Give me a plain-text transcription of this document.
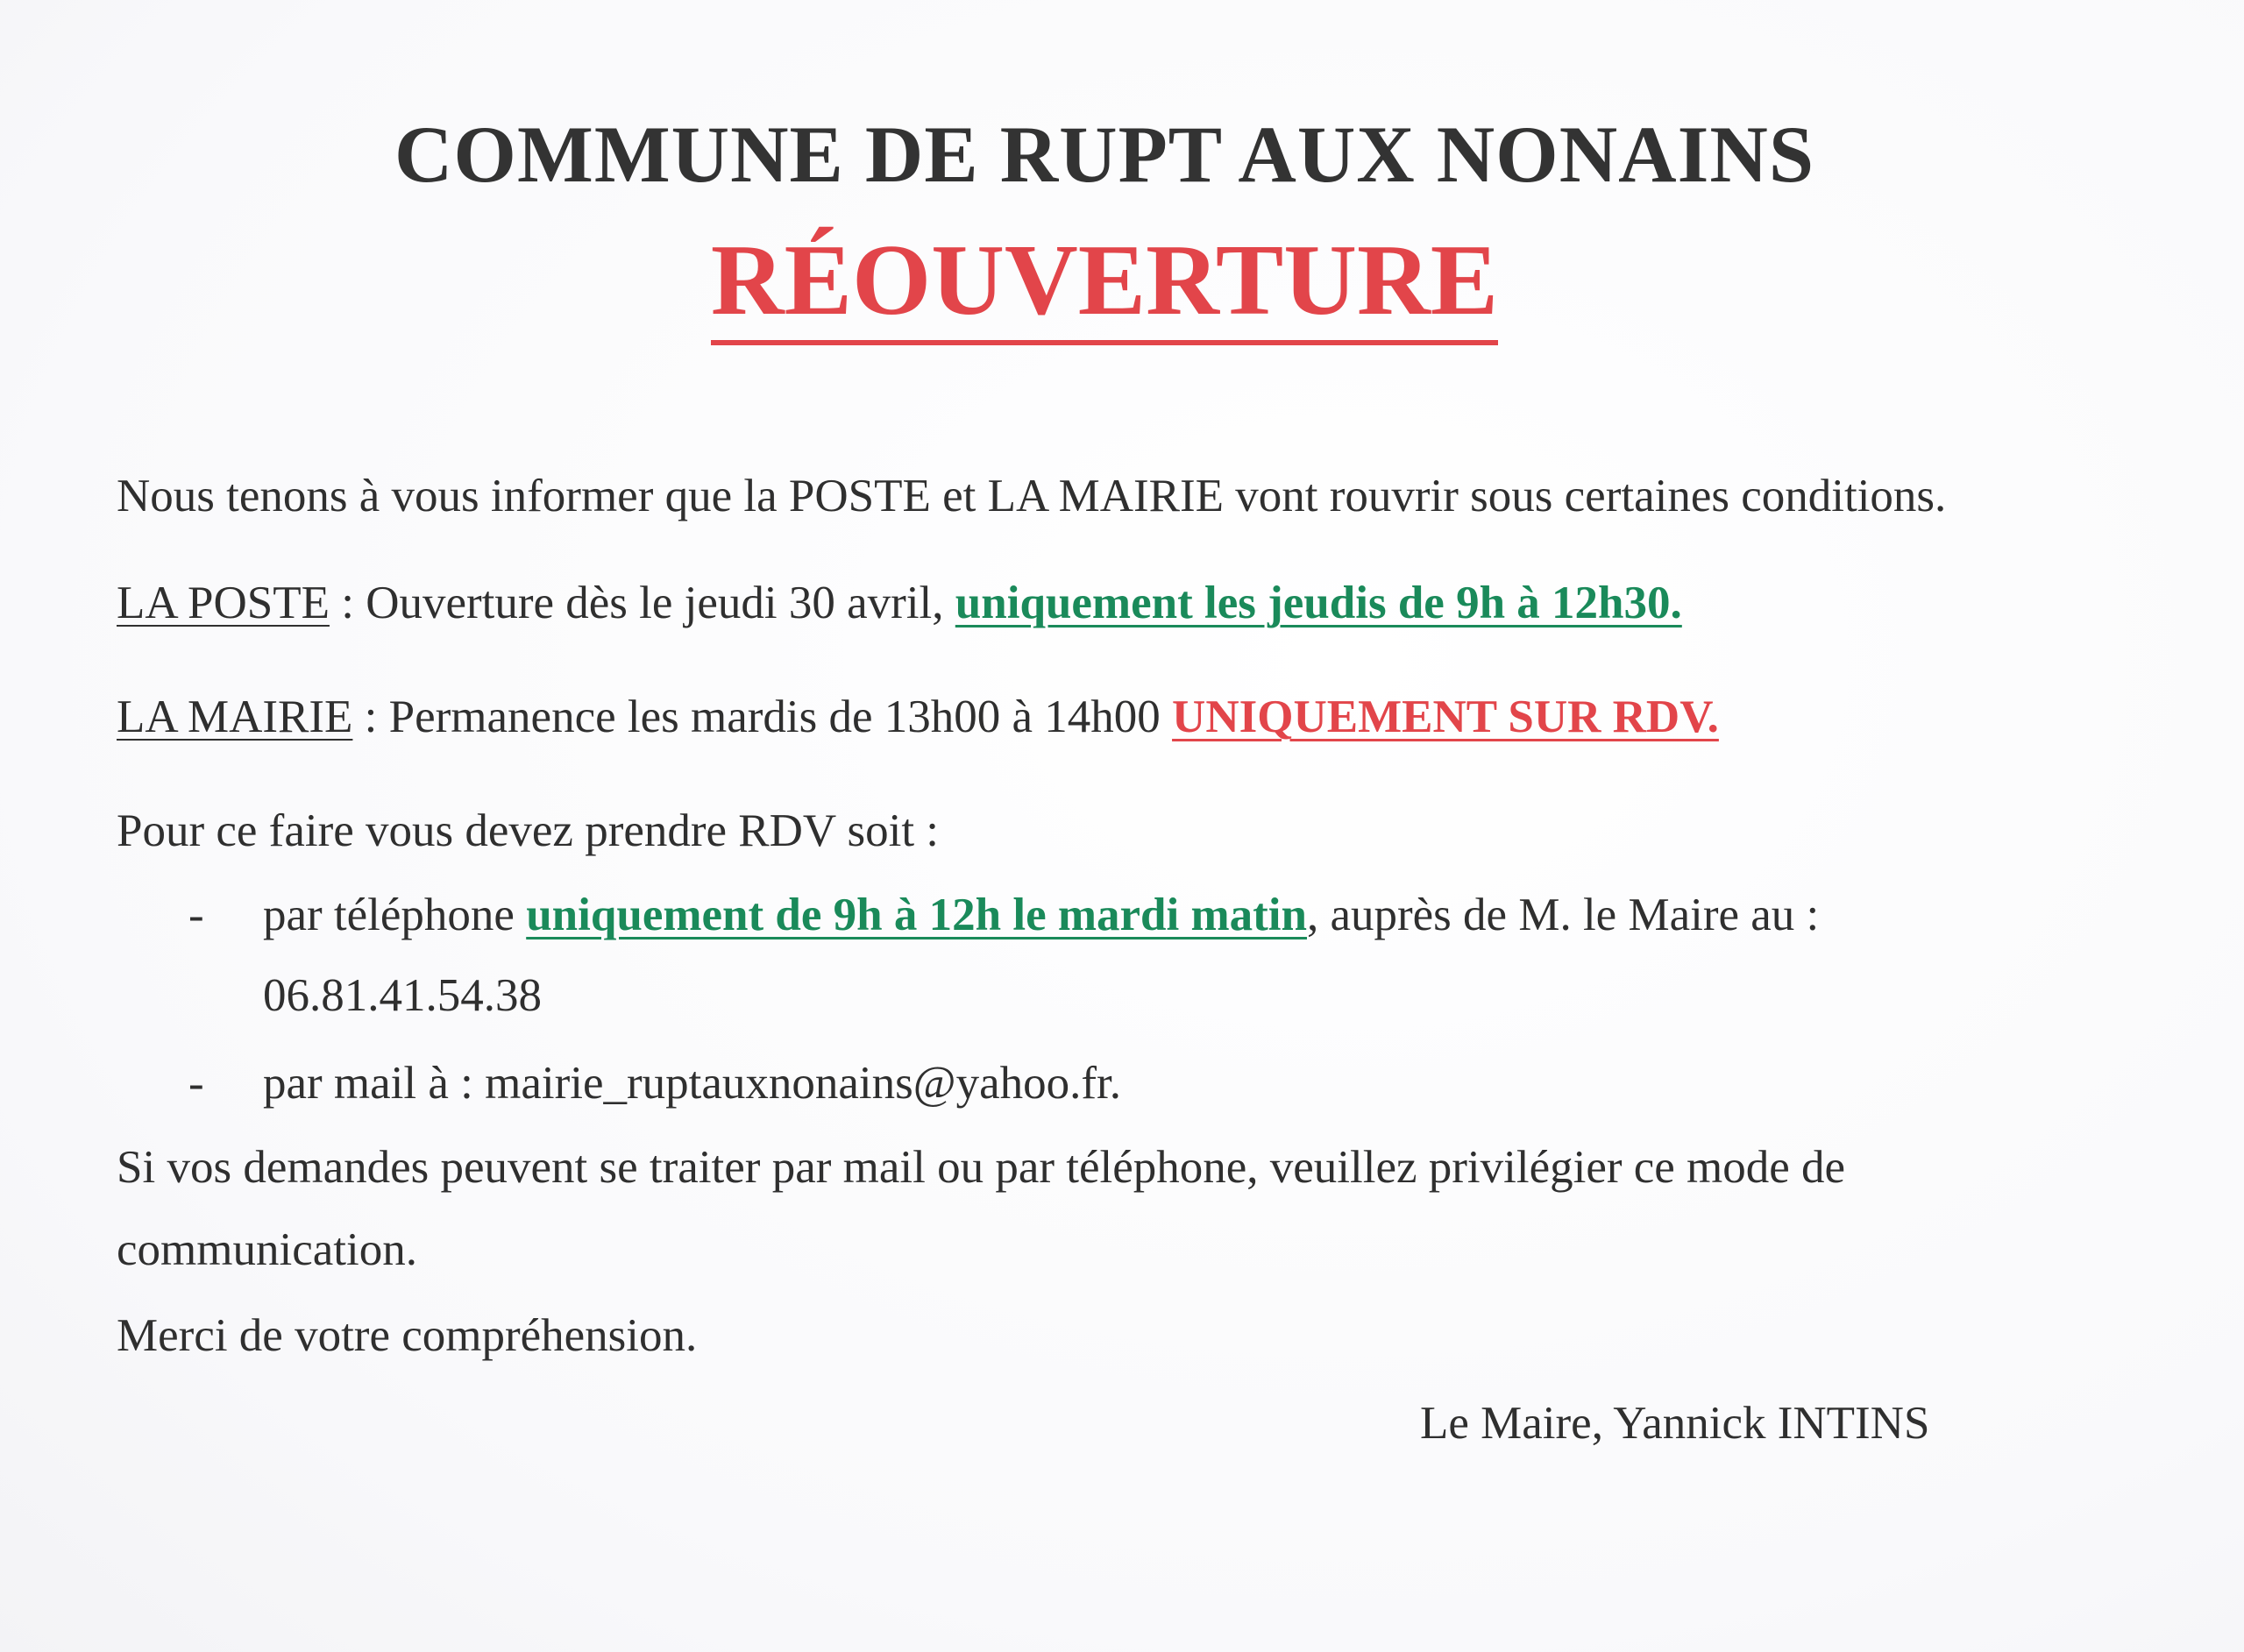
COMMUNE DE RUPT AUX NONAINS
RÉOUVERTURE
Nous tenons à vous informer que la POSTE et LA MAIRIE vont rouvrir sous certaines conditions.
LA POSTE : Ouverture dès le jeudi 30 avril, uniquement les jeudis de 9h à 12h30.
LA MAIRIE : Permanence les mardis de 13h00 à 14h00 UNIQUEMENT SUR RDV.
Pour ce faire vous devez prendre RDV soit :
- par téléphone uniquement de 9h à 12h le mardi matin, auprès de M. le Maire au :
06.81.41.54.38
- par mail à : mairie_ruptauxnonains@yahoo.fr.
Si vos demandes peuvent se traiter par mail ou par téléphone, veuillez privilégier ce mode de
communication.
Merci de votre compréhension.
Le Maire, Yannick INTINS
